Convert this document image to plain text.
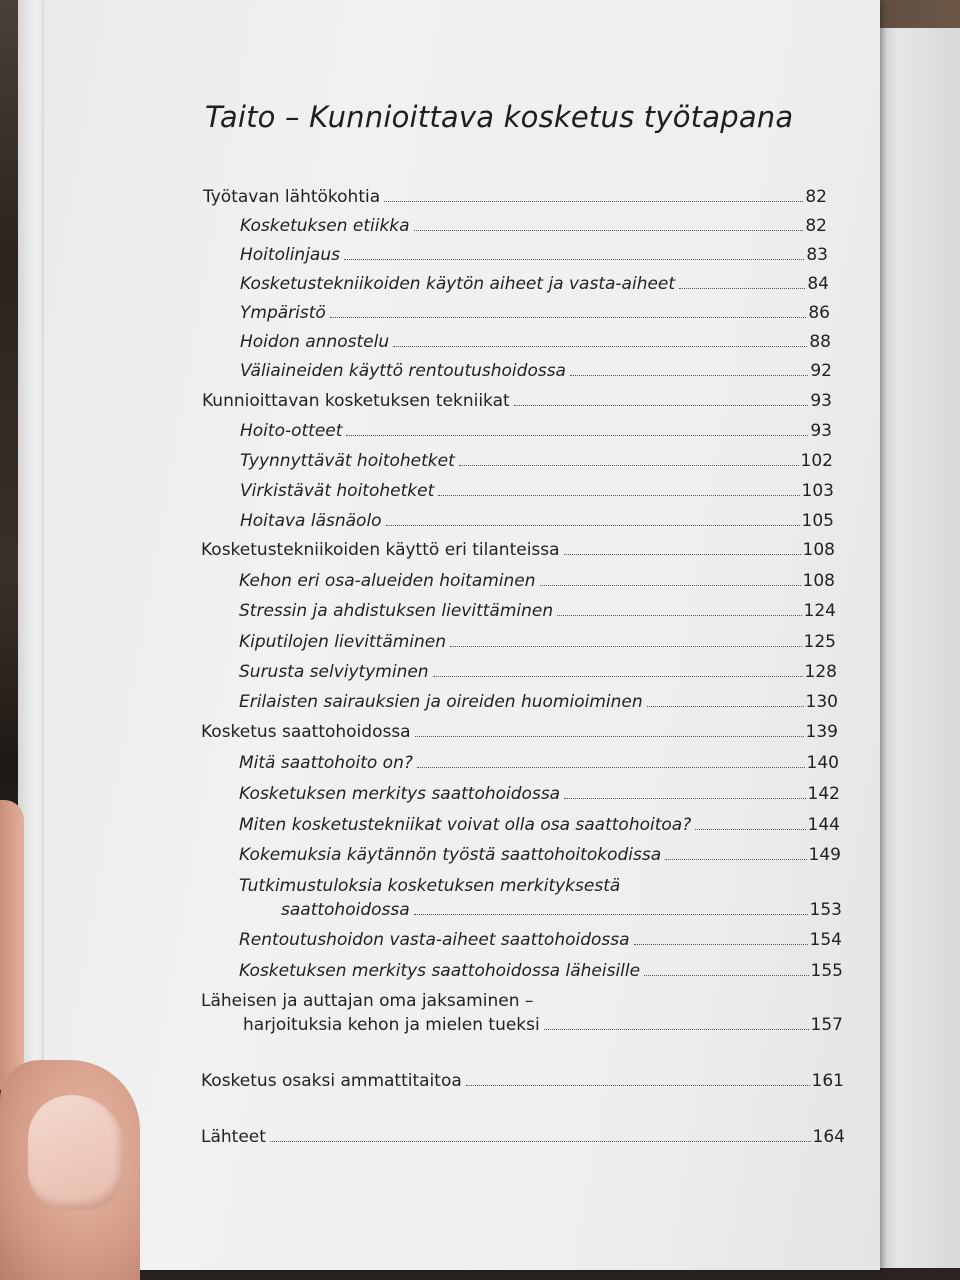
Taito – Kunnioittava kosketus työtapana
Työtavan lähtökohtia	82
Kosketuksen etiikka	82
Hoitolinjaus	83
Kosketustekniikoiden käytön aiheet ja vasta-aiheet	84
Ympäristö	86
Hoidon annostelu	88
Väliaineiden käyttö rentoutushoidossa	92
Kunnioittavan kosketuksen tekniikat	93
Hoito-otteet	93
Tyynnyttävät hoitohetket	102
Virkistävät hoitohetket	103
Hoitava läsnäolo	105
Kosketustekniikoiden käyttö eri tilanteissa	108
Kehon eri osa-alueiden hoitaminen	108
Stressin ja ahdistuksen lievittäminen	124
Kiputilojen lievittäminen	125
Surusta selviytyminen	128
Erilaisten sairauksien ja oireiden huomioiminen	130
Kosketus saattohoidossa	139
Mitä saattohoito on?	140
Kosketuksen merkitys saattohoidossa	142
Miten kosketustekniikat voivat olla osa saattohoitoa?	144
Kokemuksia käytännön työstä saattohoitokodissa	149
Tutkimustuloksia kosketuksen merkityksestä
saattohoidossa	153
Rentoutushoidon vasta-aiheet saattohoidossa	154
Kosketuksen merkitys saattohoidossa läheisille	155
Läheisen ja auttajan oma jaksaminen –
harjoituksia kehon ja mielen tueksi	157
Kosketus osaksi ammattitaitoa	161
Lähteet	164
